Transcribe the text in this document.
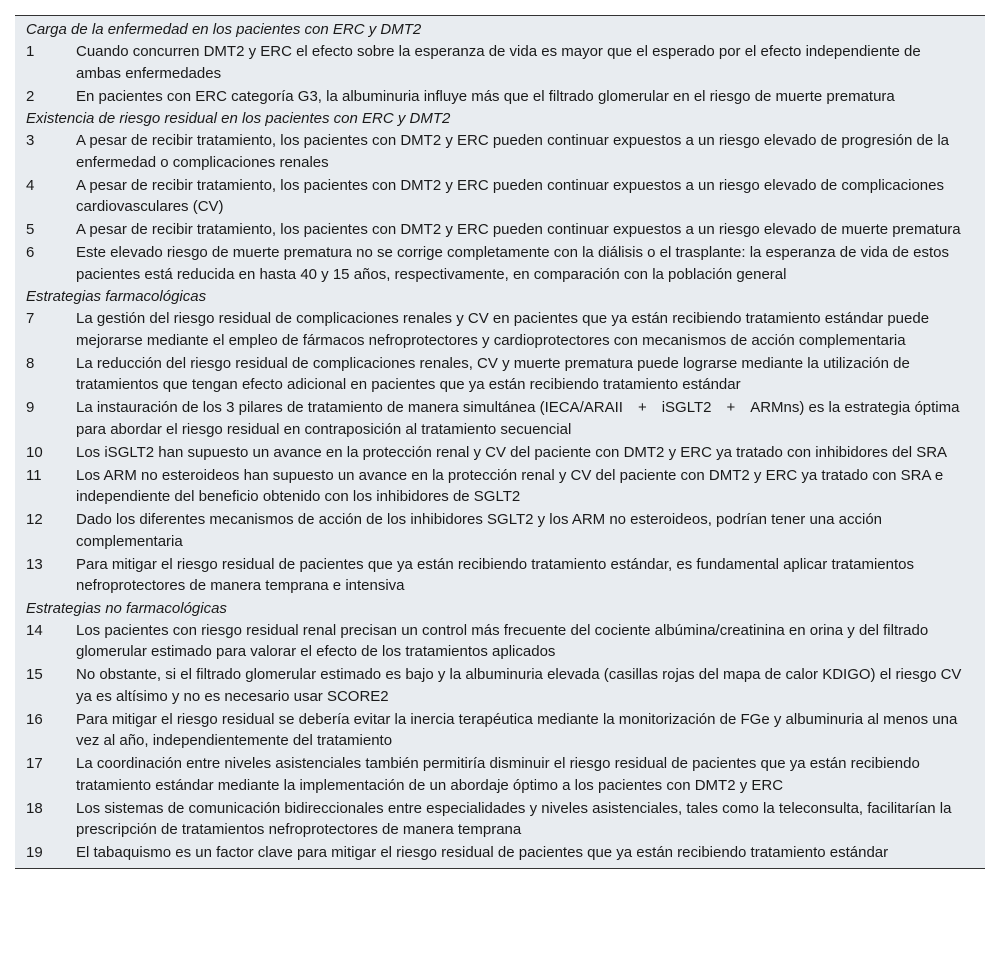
Carga de la enfermedad en los pacientes con ERC y DMT2
1	Cuando concurren DMT2 y ERC el efecto sobre la esperanza de vida es mayor que el esperado por el efecto independiente de ambas enfermedades
2	En pacientes con ERC categoría G3, la albuminuria influye más que el filtrado glomerular en el riesgo de muerte prematura
Existencia de riesgo residual en los pacientes con ERC y DMT2
3	A pesar de recibir tratamiento, los pacientes con DMT2 y ERC pueden continuar expuestos a un riesgo elevado de progresión de la enfermedad o complicaciones renales
4	A pesar de recibir tratamiento, los pacientes con DMT2 y ERC pueden continuar expuestos a un riesgo elevado de complicaciones cardiovasculares (CV)
5	A pesar de recibir tratamiento, los pacientes con DMT2 y ERC pueden continuar expuestos a un riesgo elevado de muerte prematura
6	Este elevado riesgo de muerte prematura no se corrige completamente con la diálisis o el trasplante: la esperanza de vida de estos pacientes está reducida en hasta 40 y 15 años, respectivamente, en comparación con la población general
Estrategias farmacológicas
7	La gestión del riesgo residual de complicaciones renales y CV en pacientes que ya están recibiendo tratamiento estándar puede mejorarse mediante el empleo de fármacos nefroprotectores y cardioprotectores con mecanismos de acción complementaria
8	La reducción del riesgo residual de complicaciones renales, CV y muerte prematura puede lograrse mediante la utilización de tratamientos que tengan efecto adicional en pacientes que ya están recibiendo tratamiento estándar
9	La instauración de los 3 pilares de tratamiento de manera simultánea (IECA/ARAII + iSGLT2 + ARMns) es la estrategia óptima para abordar el riesgo residual en contraposición al tratamiento secuencial
10	Los iSGLT2 han supuesto un avance en la protección renal y CV del paciente con DMT2 y ERC ya tratado con inhibidores del SRA
11	Los ARM no esteroideos han supuesto un avance en la protección renal y CV del paciente con DMT2 y ERC ya tratado con SRA e independiente del beneficio obtenido con los inhibidores de SGLT2
12	Dado los diferentes mecanismos de acción de los inhibidores SGLT2 y los ARM no esteroideos, podrían tener una acción complementaria
13	Para mitigar el riesgo residual de pacientes que ya están recibiendo tratamiento estándar, es fundamental aplicar tratamientos nefroprotectores de manera temprana e intensiva
Estrategias no farmacológicas
14	Los pacientes con riesgo residual renal precisan un control más frecuente del cociente albúmina/creatinina en orina y del filtrado glomerular estimado para valorar el efecto de los tratamientos aplicados
15	No obstante, si el filtrado glomerular estimado es bajo y la albuminuria elevada (casillas rojas del mapa de calor KDIGO) el riesgo CV ya es altísimo y no es necesario usar SCORE2
16	Para mitigar el riesgo residual se debería evitar la inercia terapéutica mediante la monitorización de FGe y albuminuria al menos una vez al año, independientemente del tratamiento
17	La coordinación entre niveles asistenciales también permitiría disminuir el riesgo residual de pacientes que ya están recibiendo tratamiento estándar mediante la implementación de un abordaje óptimo a los pacientes con DMT2 y ERC
18	Los sistemas de comunicación bidireccionales entre especialidades y niveles asistenciales, tales como la teleconsulta, facilitarían la prescripción de tratamientos nefroprotectores de manera temprana
19	El tabaquismo es un factor clave para mitigar el riesgo residual de pacientes que ya están recibiendo tratamiento estándar
